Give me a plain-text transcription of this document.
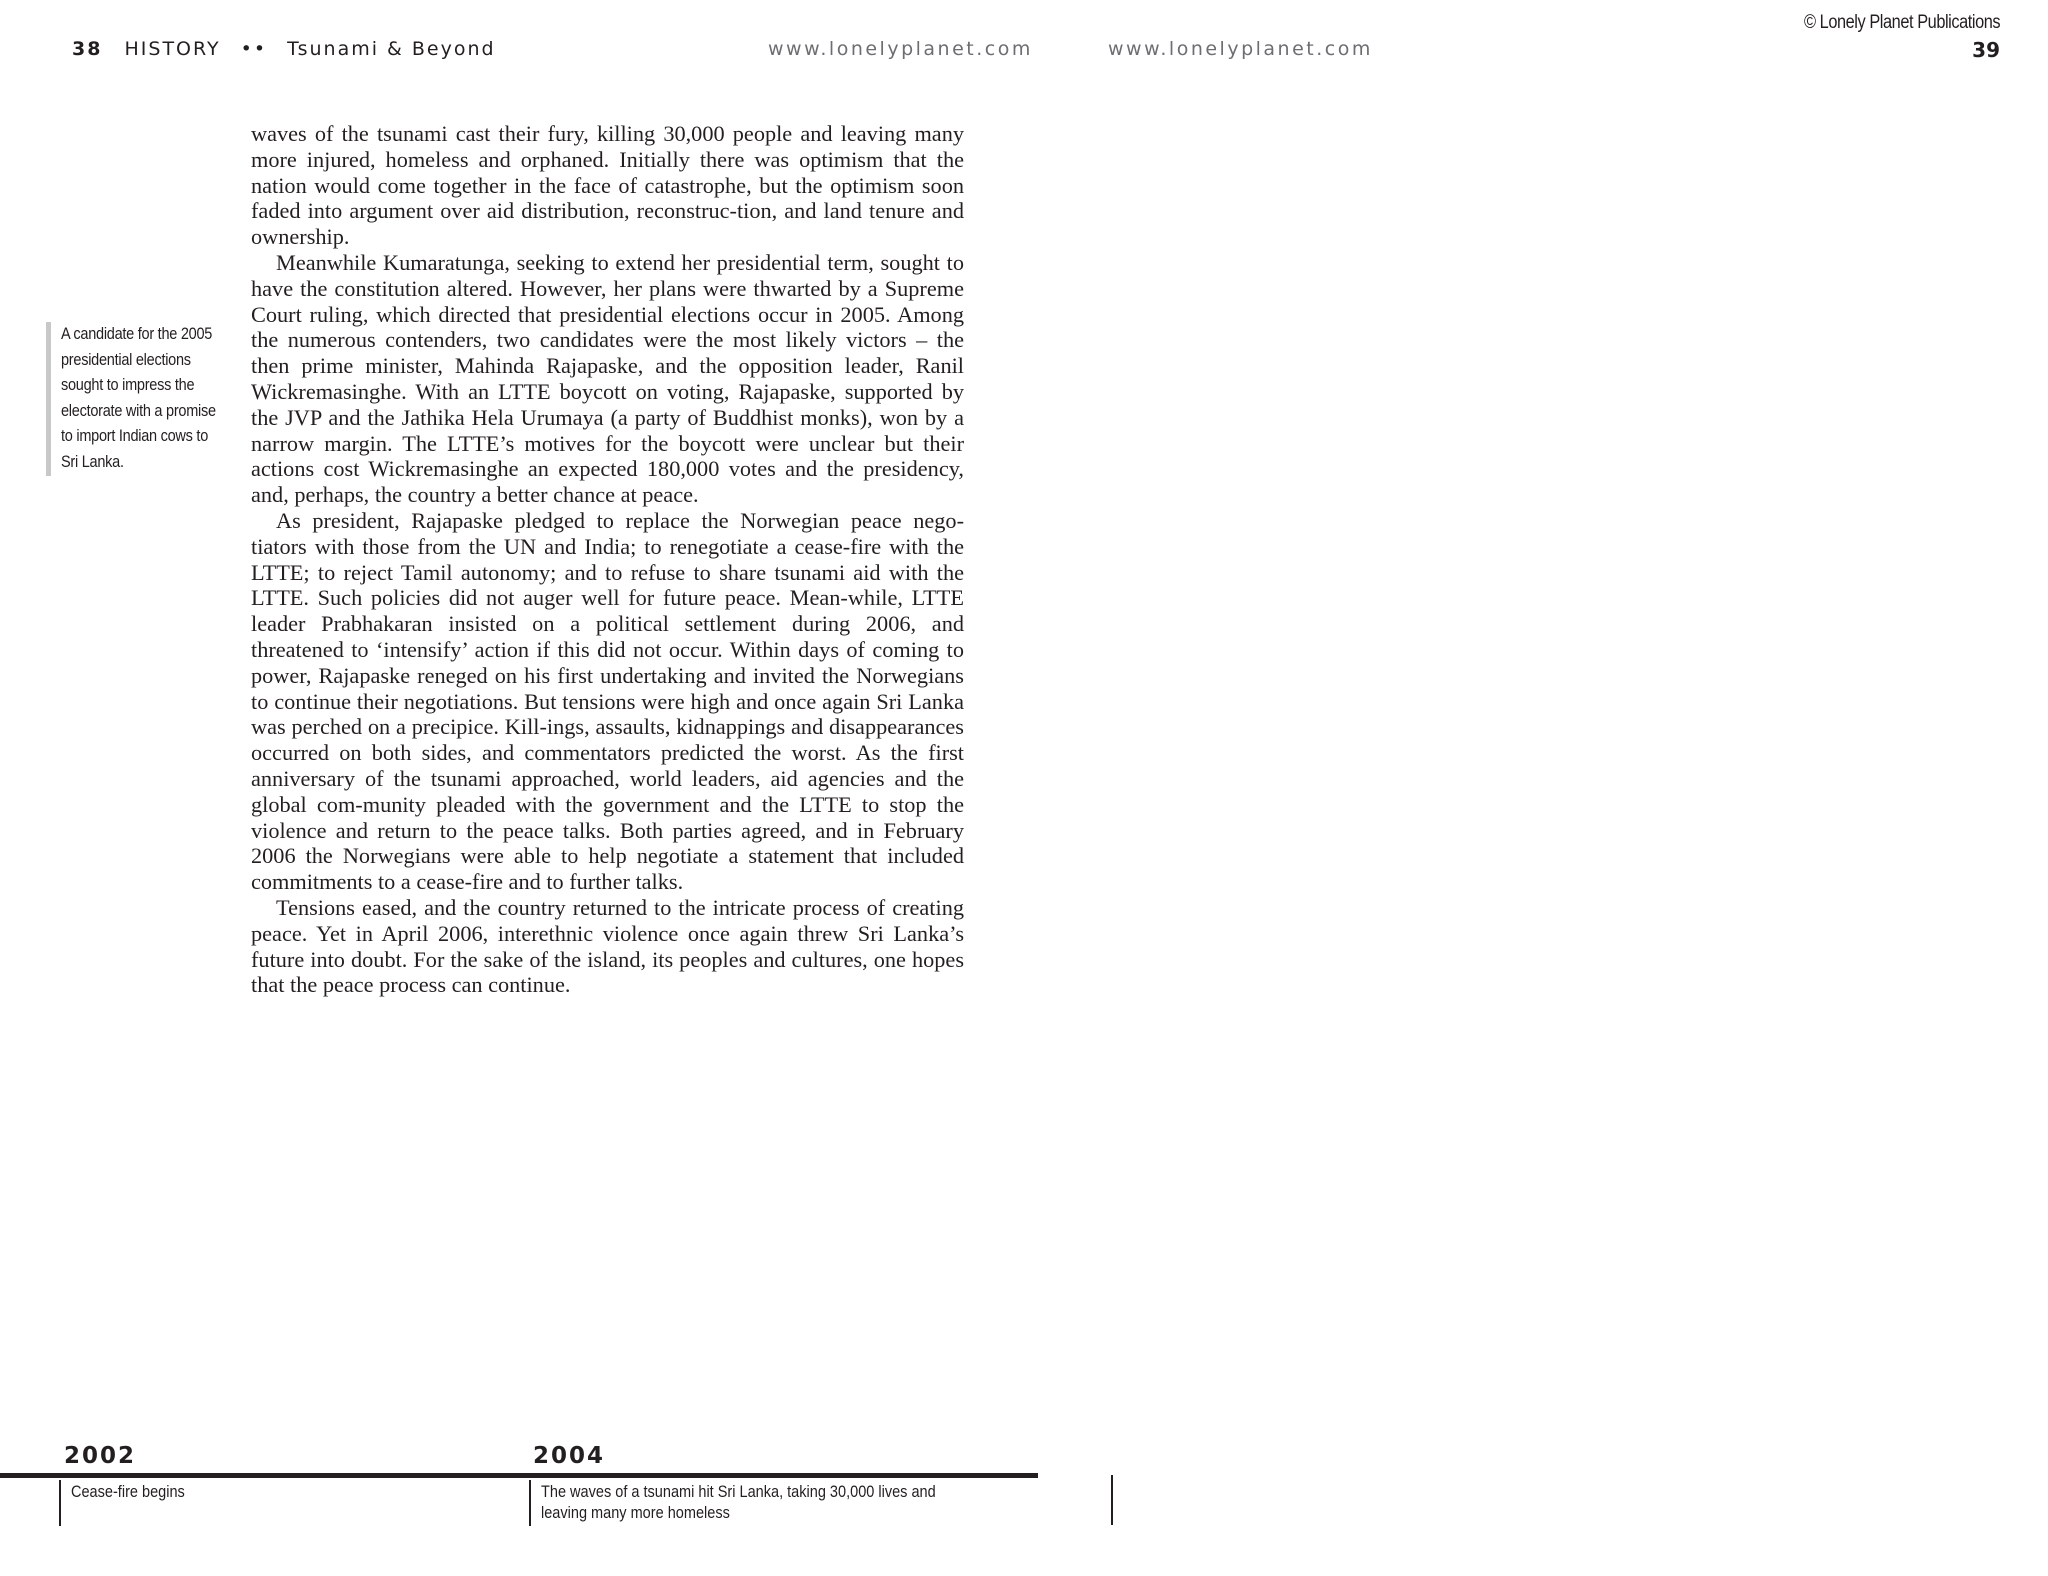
38 HISTORY •• Tsunami & Beyond	www.lonelyplanet.com	www.lonelyplanet.com
© Lonely Planet Publications
39
A candidate for the 2005
presidential elections
sought to impress the
electorate with a promise
to import Indian cows to
Sri Lanka.

waves of the tsunami cast their fury, killing 30,000 people and leaving many more injured, homeless and orphaned. Initially there was optimism that the nation would come together in the face of catastrophe, but the optimism soon faded into argument over aid distribution, reconstruc-tion, and land tenure and ownership.

Meanwhile Kumaratunga, seeking to extend her presidential term, sought to have the constitution altered. However, her plans were thwarted by a Supreme Court ruling, which directed that presidential elections occur in 2005. Among the numerous contenders, two candidates were the most likely victors – the then prime minister, Mahinda Rajapaske, and the opposition leader, Ranil Wickremasinghe. With an LTTE boycott on voting, Rajapaske, supported by the JVP and the Jathika Hela Urumaya (a party of Buddhist monks), won by a narrow margin. The LTTE’s motives for the boycott were unclear but their actions cost Wickremasinghe an expected 180,000 votes and the presidency, and, perhaps, the country a better chance at peace.

As president, Rajapaske pledged to replace the Norwegian peace nego-tiators with those from the UN and India; to renegotiate a cease-fire with the LTTE; to reject Tamil autonomy; and to refuse to share tsunami aid with the LTTE. Such policies did not auger well for future peace. Mean-while, LTTE leader Prabhakaran insisted on a political settlement during 2006, and threatened to ‘intensify’ action if this did not occur. Within days of coming to power, Rajapaske reneged on his first undertaking and invited the Norwegians to continue their negotiations. But tensions were high and once again Sri Lanka was perched on a precipice. Kill-ings, assaults, kidnappings and disappearances occurred on both sides, and commentators predicted the worst. As the first anniversary of the tsunami approached, world leaders, aid agencies and the global com-munity pleaded with the government and the LTTE to stop the violence and return to the peace talks. Both parties agreed, and in February 2006 the Norwegians were able to help negotiate a statement that included commitments to a cease-fire and to further talks.

Tensions eased, and the country returned to the intricate process of creating peace. Yet in April 2006, interethnic violence once again threw Sri Lanka’s future into doubt. For the sake of the island, its peoples and cultures, one hopes that the peace process can continue.

2002	2004
Cease-fire begins	The waves of a tsunami hit Sri Lanka, taking 30,000 lives and
leaving many more homeless
